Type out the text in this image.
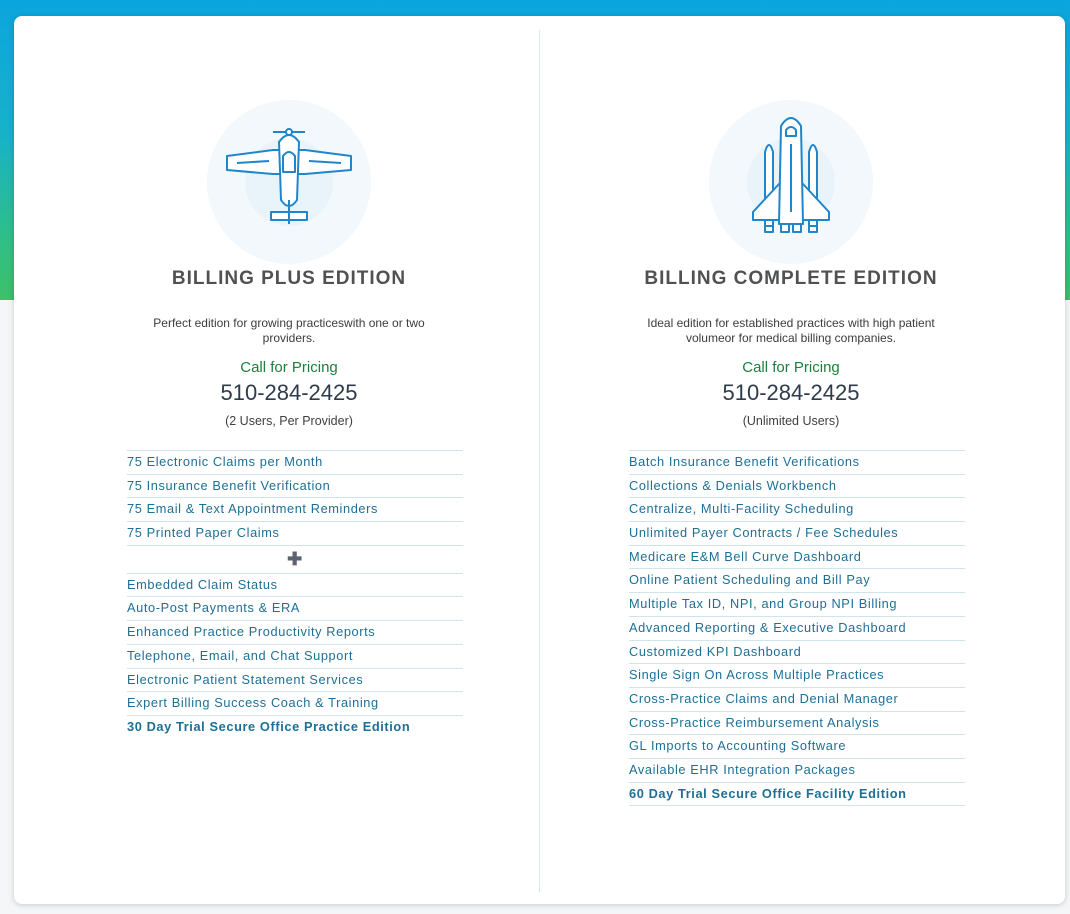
BILLING PLUS EDITION
Perfect edition for growing practiceswith one or two providers.
Call for Pricing
510-284-2425
(2 Users, Per Provider)
75 Electronic Claims per Month
75 Insurance Benefit Verification
75 Email & Text Appointment Reminders
75 Printed Paper Claims
✚
Embedded Claim Status
Auto-Post Payments & ERA
Enhanced Practice Productivity Reports
Telephone, Email, and Chat Support
Electronic Patient Statement Services
Expert Billing Success Coach & Training
30 Day Trial Secure Office Practice Edition
BILLING COMPLETE EDITION
Ideal edition for established practices with high patient volumeor for medical billing companies.
Call for Pricing
510-284-2425
(Unlimited Users)
Batch Insurance Benefit Verifications
Collections & Denials Workbench
Centralize, Multi-Facility Scheduling
Unlimited Payer Contracts / Fee Schedules
Medicare E&M Bell Curve Dashboard
Online Patient Scheduling and Bill Pay
Multiple Tax ID, NPI, and Group NPI Billing
Advanced Reporting & Executive Dashboard
Customized KPI Dashboard
Single Sign On Across Multiple Practices
Cross-Practice Claims and Denial Manager
Cross-Practice Reimbursement Analysis
GL Imports to Accounting Software
Available EHR Integration Packages
60 Day Trial Secure Office Facility Edition
